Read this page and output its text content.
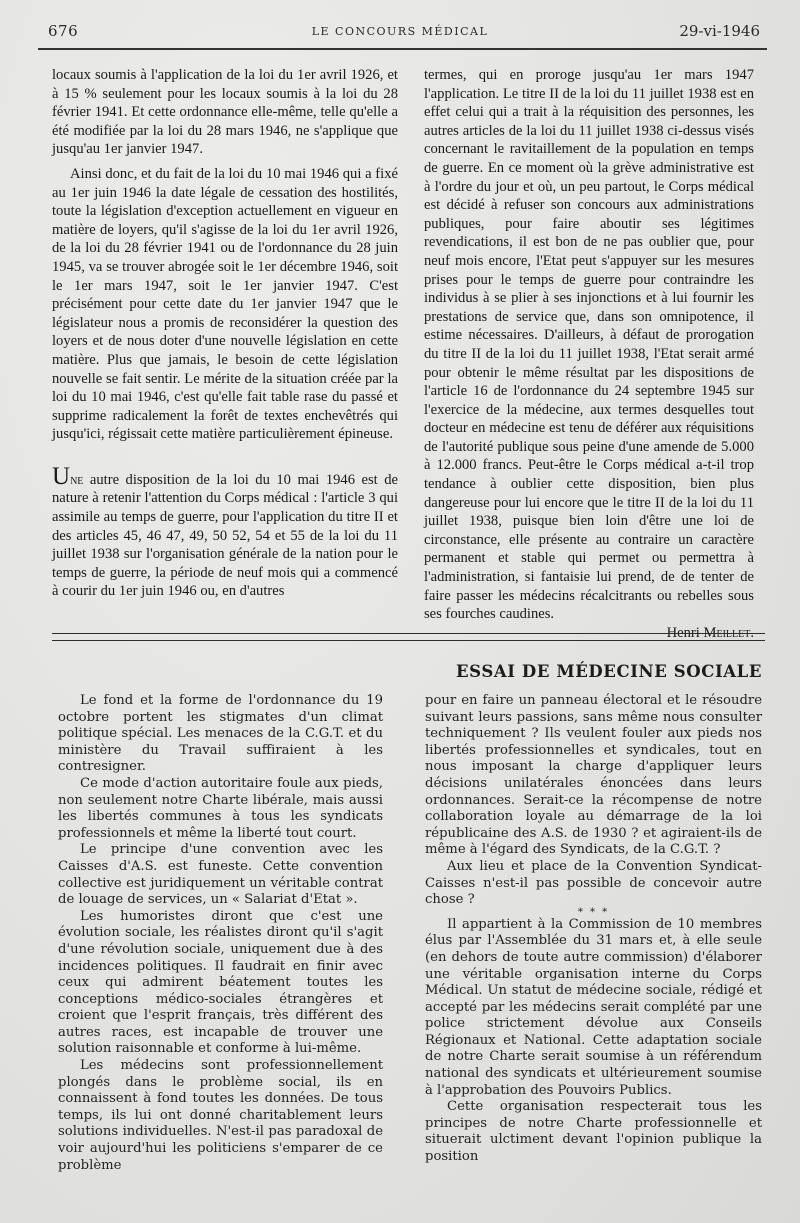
676	LE CONCOURS MÉDICAL	29-vi-1946

locaux soumis à l'application de la loi du 1er avril 1926, et à 15 % seulement pour les locaux soumis à la loi du 28 février 1941. Et cette ordonnance elle-même, telle qu'elle a été modifiée par la loi du 28 mars 1946, ne s'applique que jusqu'au 1er janvier 1947.

Ainsi donc, et du fait de la loi du 10 mai 1946 qui a fixé au 1er juin 1946 la date légale de cessation des hostilités, toute la législation d'exception actuellement en vigueur en matière de loyers, qu'il s'agisse de la loi du 1er avril 1926, de la loi du 28 février 1941 ou de l'ordonnance du 28 juin 1945, va se trouver abrogée soit le 1er décembre 1946, soit le 1er mars 1947, soit le 1er janvier 1947. C'est précisément pour cette date du 1er janvier 1947 que le législateur nous a promis de reconsidérer la question des loyers et de nous doter d'une nouvelle législation en cette matière. Plus que jamais, le besoin de cette législation nouvelle se fait sentir. Le mérite de la situation créée par la loi du 10 mai 1946, c'est qu'elle fait table rase du passé et supprime radicalement la forêt de textes enchevêtrés qui jusqu'ici, régissait cette matière particulièrement épineuse.

Une autre disposition de la loi du 10 mai 1946 est de nature à retenir l'attention du Corps médical : l'article 3 qui assimile au temps de guerre, pour l'application du titre II et des articles 45, 46 47, 49, 50 52, 54 et 55 de la loi du 11 juillet 1938 sur l'organisation générale de la nation pour le temps de guerre, la période de neuf mois qui a commencé à courir du 1er juin 1946 ou, en d'autres

termes, qui en proroge jusqu'au 1er mars 1947 l'application. Le titre II de la loi du 11 juillet 1938 est en effet celui qui a trait à la réquisition des personnes, les autres articles de la loi du 11 juillet 1938 ci-dessus visés concernant le ravitaillement de la population en temps de guerre. En ce moment où la grève administrative est à l'ordre du jour et où, un peu partout, le Corps médical est décidé à refuser son concours aux administrations publiques, pour faire aboutir ses légitimes revendications, il est bon de ne pas oublier que, pour neuf mois encore, l'Etat peut s'appuyer sur les mesures prises pour le temps de guerre pour contraindre les individus à se plier à ses injonctions et à lui fournir les prestations de service que, dans son omnipotence, il estime nécessaires. D'ailleurs, à défaut de prorogation du titre II de la loi du 11 juillet 1938, l'Etat serait armé pour obtenir le même résultat par les dispositions de l'article 16 de l'ordonnance du 24 septembre 1945 sur l'exercice de la médecine, aux termes desquelles tout docteur en médecine est tenu de déférer aux réquisitions de l'autorité publique sous peine d'une amende de 5.000 à 12.000 francs. Peut-être le Corps médical a-t-il trop tendance à oublier cette disposition, bien plus dangereuse pour lui encore que le titre II de la loi du 11 juillet 1938, puisque bien loin d'être une loi de circonstance, elle présente au contraire un caractère permanent et stable qui permet ou permettra à l'administration, si fantaisie lui prend, de de tenter de faire passer les médecins récalcitrants ou rebelles sous ses fourches caudines.

Henri Meillet.

ESSAI DE MÉDECINE SOCIALE

Le fond et la forme de l'ordonnance du 19 octobre portent les stigmates d'un climat politique spécial. Les menaces de la C.G.T. et du ministère du Travail suffiraient à les contresigner.

Ce mode d'action autoritaire foule aux pieds, non seulement notre Charte libérale, mais aussi les libertés communes à tous les syndicats professionnels et même la liberté tout court.

Le principe d'une convention avec les Caisses d'A.S. est funeste. Cette convention collective est juridiquement un véritable contrat de louage de services, un « Salariat d'Etat ».

Les humoristes diront que c'est une évolution sociale, les réalistes diront qu'il s'agit d'une révolution sociale, uniquement due à des incidences politiques. Il faudrait en finir avec ceux qui admirent béatement toutes les conceptions médico-sociales étrangères et croient que l'esprit français, très différent des autres races, est incapable de trouver une solution raisonnable et conforme à lui-même.

Les médecins sont professionnellement plongés dans le problème social, ils en connaissent à fond toutes les données. De tous temps, ils lui ont donné charitablement leurs solutions individuelles. N'est-il pas paradoxal de voir aujourd'hui les politiciens s'emparer de ce problème

pour en faire un panneau électoral et le résoudre suivant leurs passions, sans même nous consulter techniquement ? Ils veulent fouler aux pieds nos libertés professionnelles et syndicales, tout en nous imposant la charge d'appliquer leurs décisions unilatérales énoncées dans leurs ordonnances. Serait-ce la récompense de notre collaboration loyale au démarrage de la loi républicaine des A.S. de 1930 ? et agiraient-ils de même à l'égard des Syndicats, de la C.G.T. ?

Aux lieu et place de la Convention Syndicat-Caisses n'est-il pas possible de concevoir autre chose ?

* * *

Il appartient à la Commission de 10 membres élus par l'Assemblée du 31 mars et, à elle seule (en dehors de toute autre commission) d'élaborer une véritable organisation interne du Corps Médical. Un statut de médecine sociale, rédigé et accepté par les médecins serait complété par une police strictement dévolue aux Conseils Régionaux et National. Cette adaptation sociale de notre Charte serait soumise à un référendum national des syndicats et ultérieurement soumise à l'approbation des Pouvoirs Publics.

Cette organisation respecterait tous les principes de notre Charte professionnelle et situerait ulctiment devant l'opinion publique la position
